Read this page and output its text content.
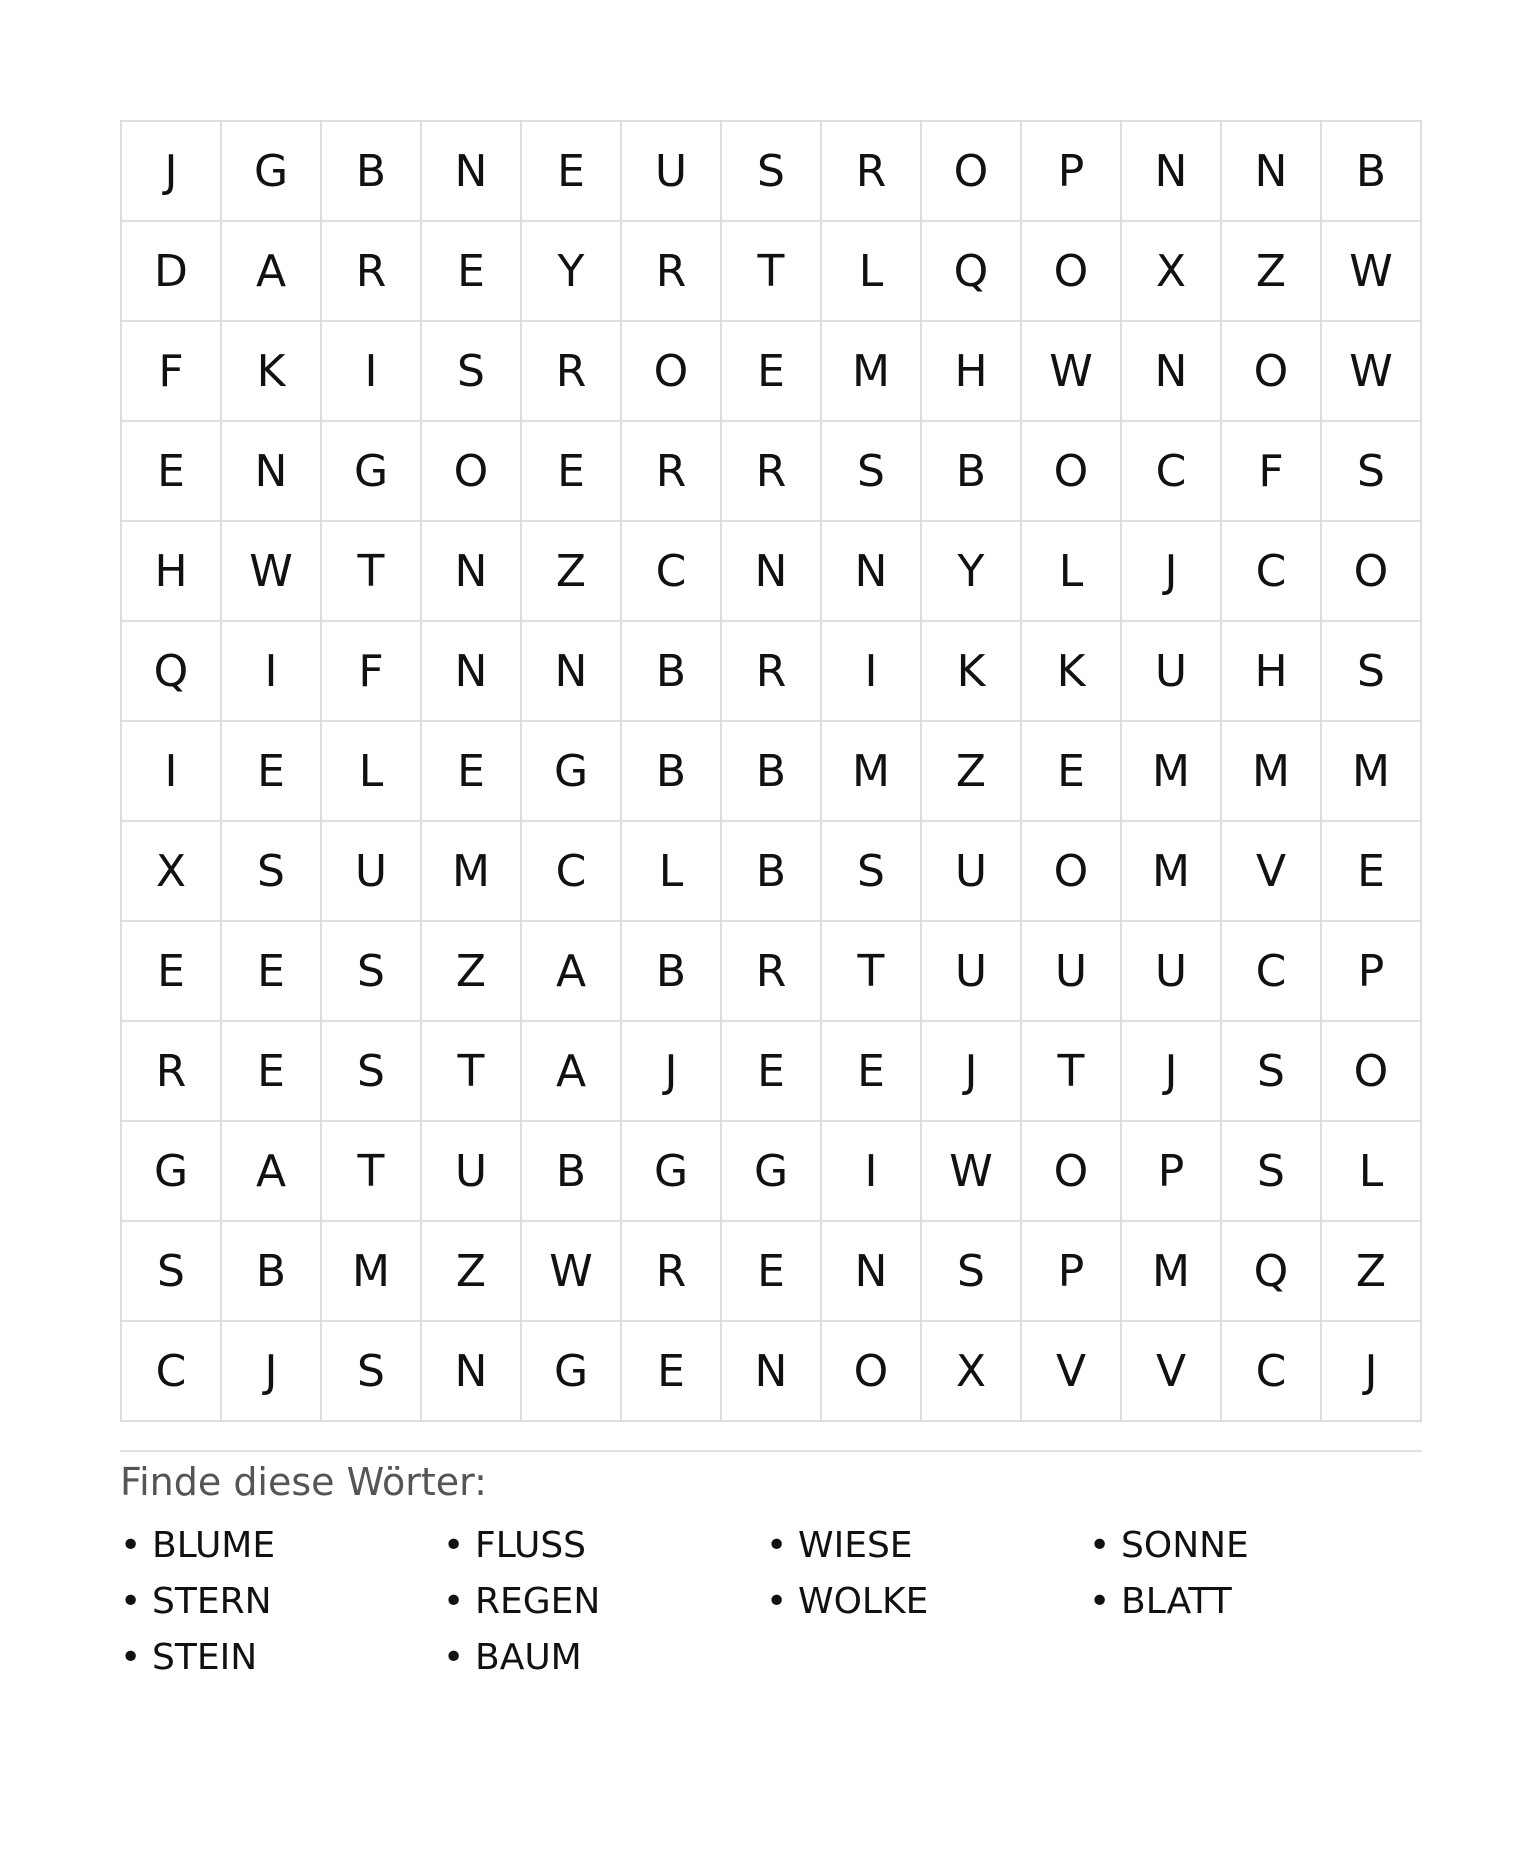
J	G	B	N	E	U	S	R	O	P	N	N	B
D	A	R	E	Y	R	T	L	Q	O	X	Z	W
F	K	I	S	R	O	E	M	H	W	N	O	W
E	N	G	O	E	R	R	S	B	O	C	F	S
H	W	T	N	Z	C	N	N	Y	L	J	C	O
Q	I	F	N	N	B	R	I	K	K	U	H	S
I	E	L	E	G	B	B	M	Z	E	M	M	M
X	S	U	M	C	L	B	S	U	O	M	V	E
E	E	S	Z	A	B	R	T	U	U	U	C	P
R	E	S	T	A	J	E	E	J	T	J	S	O
G	A	T	U	B	G	G	I	W	O	P	S	L
S	B	M	Z	W	R	E	N	S	P	M	Q	Z
C	J	S	N	G	E	N	O	X	V	V	C	J
Finde diese Wörter:
• BLUME	• FLUSS	• WIESE	• SONNE
• STERN	• REGEN	• WOLKE	• BLATT
• STEIN	• BAUM
